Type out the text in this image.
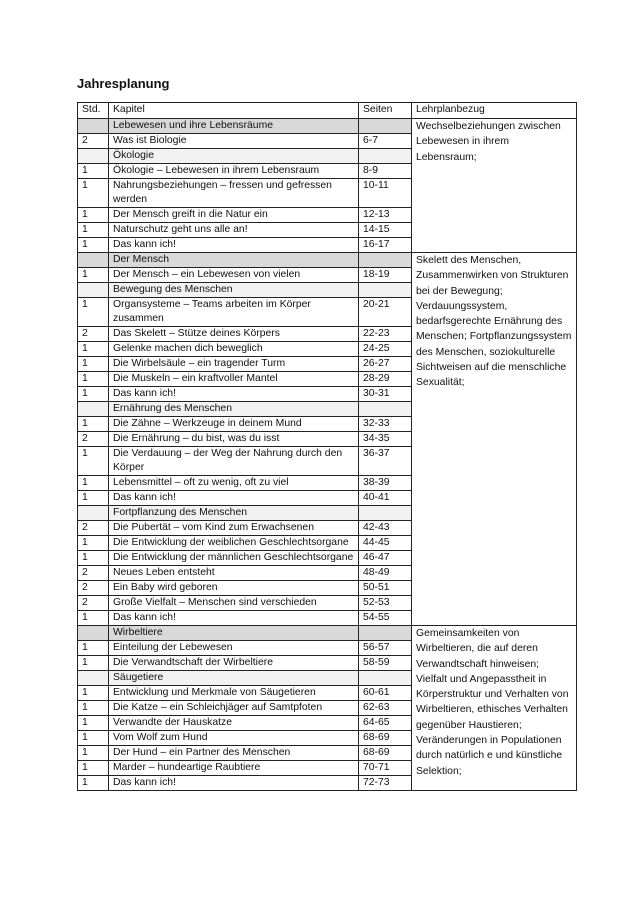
Jahresplanung
Std.	Kapitel	Seiten	Lehrplanbezug
	Lebewesen und ihre Lebensräume		Wechselbeziehungen zwischen Lebewesen in ihrem Lebensraum;
2	Was ist Biologie	6-7	
	Ökologie		
1	Ökologie – Lebewesen in ihrem Lebensraum	8-9	
1	Nahrungsbeziehungen – fressen und gefressen werden	10-11	
1	Der Mensch greift in die Natur ein	12-13	
1	Naturschutz geht uns alle an!	14-15	
1	Das kann ich!	16-17	
	Der Mensch		Skelett des Menschen, Zusammenwirken von Strukturen bei der Bewegung; Verdauungssystem, bedarfsgerechte Ernährung des Menschen; Fortpflanzungssystem des Menschen, soziokulturelle Sichtweisen auf die menschliche Sexualität;
1	Der Mensch – ein Lebewesen von vielen	18-19	
	Bewegung des Menschen		
1	Organsysteme – Teams arbeiten im Körper zusammen	20-21	
2	Das Skelett – Stütze deines Körpers	22-23	
1	Gelenke machen dich beweglich	24-25	
1	Die Wirbelsäule – ein tragender Turm	26-27	
1	Die Muskeln – ein kraftvoller Mantel	28-29	
1	Das kann ich!	30-31	
	Ernährung des Menschen		
1	Die Zähne – Werkzeuge in deinem Mund	32-33	
2	Die Ernährung – du bist, was du isst	34-35	
1	Die Verdauung – der Weg der Nahrung durch den Körper	36-37	
1	Lebensmittel – oft zu wenig, oft zu viel	38-39	
1	Das kann ich!	40-41	
	Fortpflanzung des Menschen		
2	Die Pubertät – vom Kind zum Erwachsenen	42-43	
1	Die Entwicklung der weiblichen Geschlechtsorgane	44-45	
1	Die Entwicklung der männlichen Geschlechtsorgane	46-47	
2	Neues Leben entsteht	48-49	
2	Ein Baby wird geboren	50-51	
2	Große Vielfalt – Menschen sind verschieden	52-53	
1	Das kann ich!	54-55	
	Wirbeltiere		Gemeinsamkeiten von Wirbeltieren, die auf deren Verwandtschaft hinweisen; Vielfalt und Angepasstheit in Körperstruktur und Verhalten von Wirbeltieren, ethisches Verhalten gegenüber Haustieren; Veränderungen in Populationen durch natürlich e und künstliche Selektion;
1	Einteilung der Lebewesen	56-57	
1	Die Verwandtschaft der Wirbeltiere	58-59	
	Säugetiere		
1	Entwicklung und Merkmale von Säugetieren	60-61	
1	Die Katze – ein Schleichjäger auf Samtpfoten	62-63	
1	Verwandte der Hauskatze	64-65	
1	Vom Wolf zum Hund	68-69	
1	Der Hund – ein Partner des Menschen	68-69	
1	Marder – hundeartige Raubtiere	70-71	
1	Das kann ich!	72-73	
